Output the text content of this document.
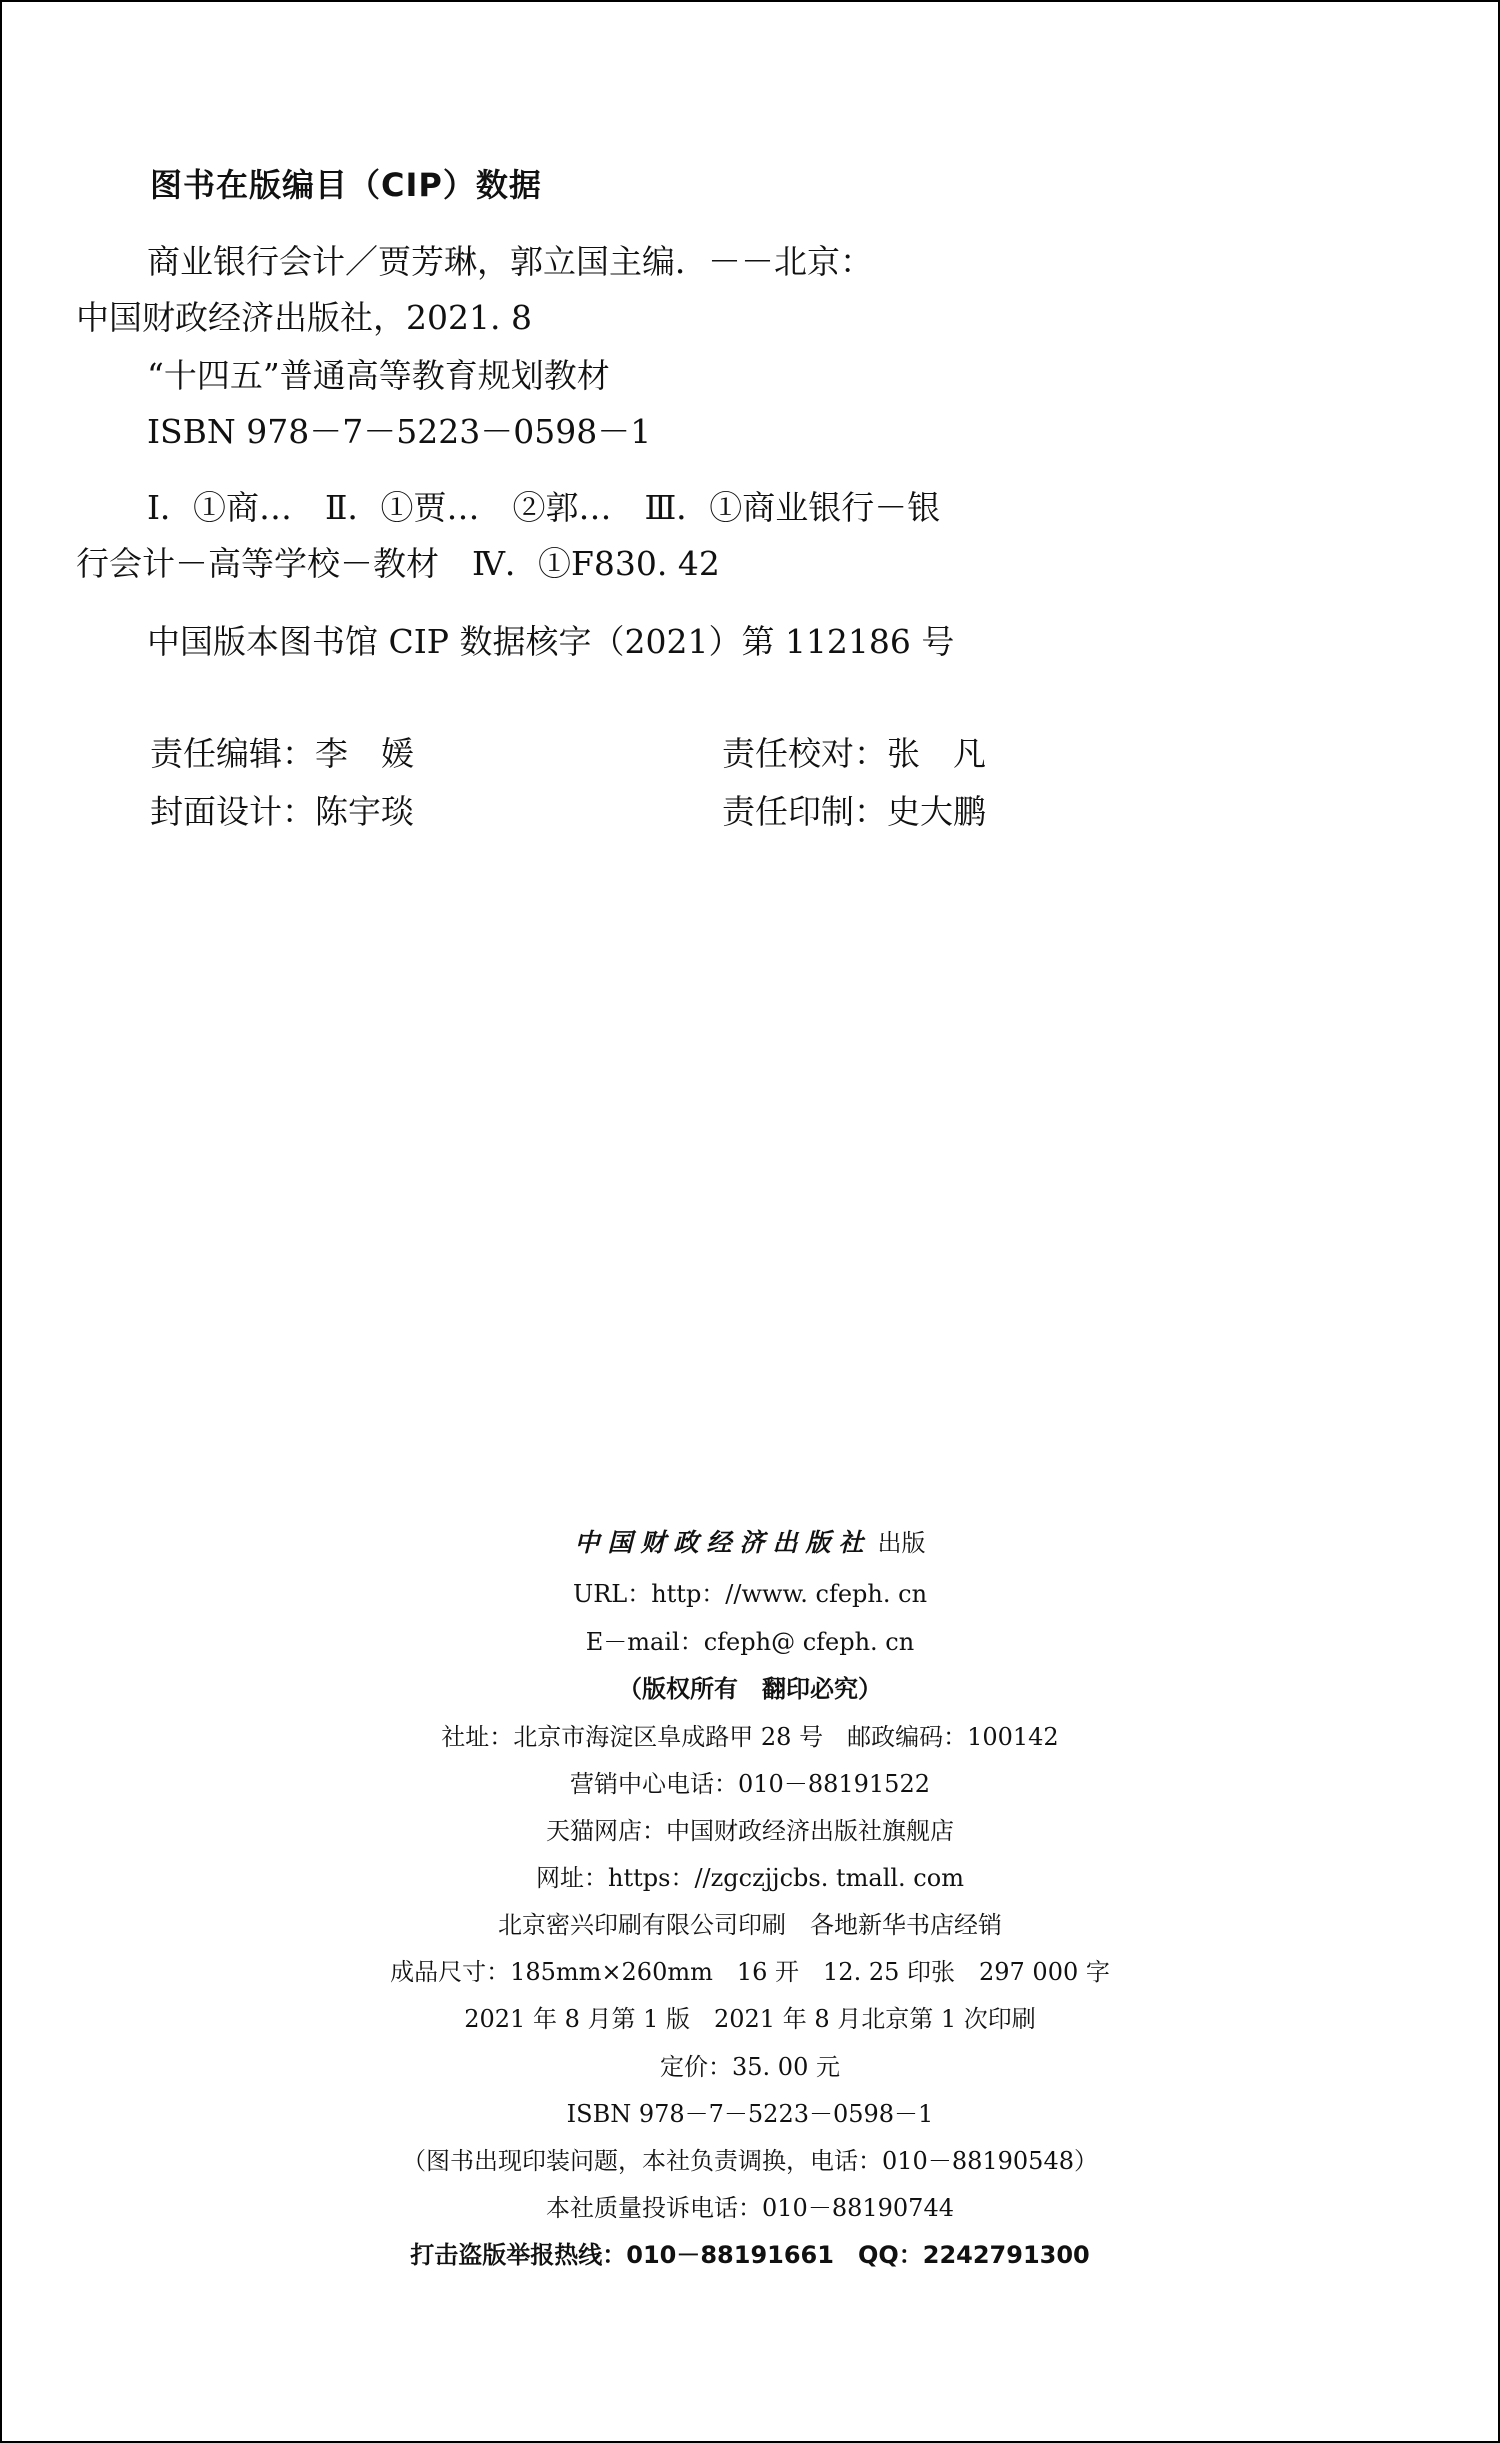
图书在版编目（CIP）数据
商业银行会计／贾芳琳，郭立国主编．－－北京：
中国财政经济出版社，2021. 8
“十四五”普通高等教育规划教材
ISBN 978－7－5223－0598－1
Ⅰ．①商…　Ⅱ．①贾…　②郭…　Ⅲ．①商业银行－银
行会计－高等学校－教材　Ⅳ．①F830. 42
中国版本图书馆 CIP 数据核字（2021）第 112186 号
责任编辑：李　媛	责任校对：张　凡
封面设计：陈宇琰	责任印制：史大鹏
中国财政经济出版社 出版
URL：http：//www. cfeph. cn
E－mail：cfeph@ cfeph. cn
（版权所有　翻印必究）
社址：北京市海淀区阜成路甲 28 号　邮政编码：100142
营销中心电话：010－88191522
天猫网店：中国财政经济出版社旗舰店
网址：https：//zgczjjcbs. tmall. com
北京密兴印刷有限公司印刷　各地新华书店经销
成品尺寸：185mm×260mm　16 开　12. 25 印张　297 000 字
2021 年 8 月第 1 版　2021 年 8 月北京第 1 次印刷
定价：35. 00 元
ISBN 978－7－5223－0598－1
（图书出现印装问题，本社负责调换，电话：010－88190548）
本社质量投诉电话：010－88190744
打击盗版举报热线：010－88191661　QQ：2242791300
